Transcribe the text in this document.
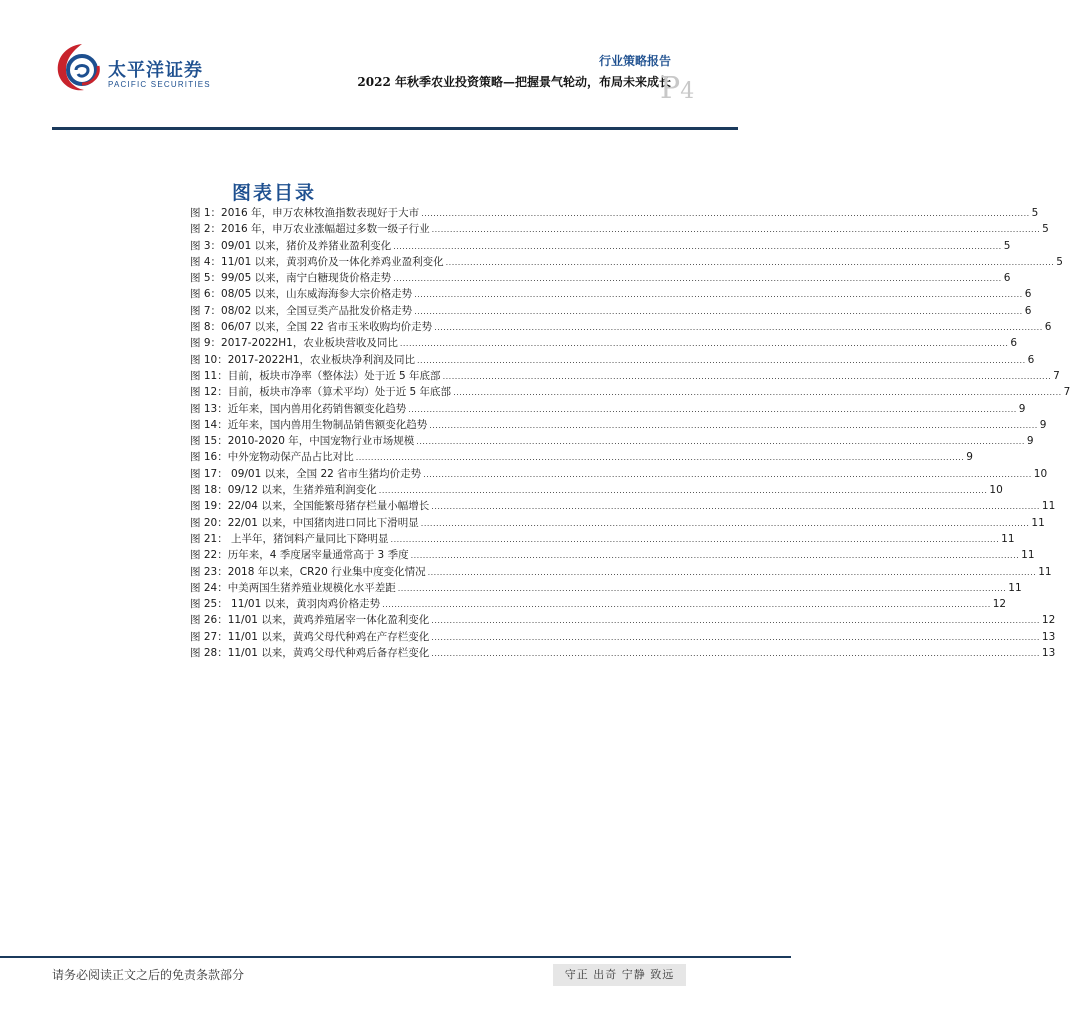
太平洋证券
PACIFIC SECURITIES
行业策略报告
2022 年秋季农业投资策略—把握景气轮动，布局未来成长
P4
图表目录
图 1：2016 年，申万农林牧渔指数表现好于大市 ........................................................................................................................................................................................................ 5
图 2：2016 年，申万农业涨幅超过多数一级子行业 ........................................................................................................................................................................................................ 5
图 3：09/01 以来，猪价及养猪业盈利变化 ........................................................................................................................................................................................................ 5
图 4：11/01 以来，黄羽鸡价及一体化养鸡业盈利变化 ........................................................................................................................................................................................................ 5
图 5：99/05 以来，南宁白糖现货价格走势 ........................................................................................................................................................................................................ 6
图 6：08/05 以来，山东威海海参大宗价格走势 ........................................................................................................................................................................................................ 6
图 7：08/02 以来，全国豆类产品批发价格走势 ........................................................................................................................................................................................................ 6
图 8：06/07 以来，全国 22 省市玉米收购均价走势 ........................................................................................................................................................................................................ 6
图 9：2017-2022H1，农业板块营收及同比 ........................................................................................................................................................................................................ 6
图 10：2017-2022H1，农业板块净利润及同比 ........................................................................................................................................................................................................ 6
图 11：目前，板块市净率（整体法）处于近 5 年底部 ........................................................................................................................................................................................................ 7
图 12：目前，板块市净率（算术平均）处于近 5 年底部 ........................................................................................................................................................................................................ 7
图 13：近年来，国内兽用化药销售额变化趋势 ........................................................................................................................................................................................................ 9
图 14：近年来，国内兽用生物制品销售额变化趋势 ........................................................................................................................................................................................................ 9
图 15：2010-2020 年，中国宠物行业市场规模 ........................................................................................................................................................................................................ 9
图 16：中外宠物动保产品占比对比 ........................................................................................................................................................................................................ 9
图 17： 09/01 以来，全国 22 省市生猪均价走势 ........................................................................................................................................................................................................ 10
图 18：09/12 以来，生猪养殖利润变化 ........................................................................................................................................................................................................ 10
图 19：22/04 以来，全国能繁母猪存栏量小幅增长 ........................................................................................................................................................................................................ 11
图 20：22/01 以来，中国猪肉进口同比下滑明显 ........................................................................................................................................................................................................ 11
图 21： 上半年，猪饲料产量同比下降明显 ........................................................................................................................................................................................................ 11
图 22：历年来，4 季度屠宰量通常高于 3 季度 ........................................................................................................................................................................................................ 11
图 23：2018 年以来，CR20 行业集中度变化情况 ........................................................................................................................................................................................................ 11
图 24：中美两国生猪养殖业规模化水平差距 ........................................................................................................................................................................................................ 11
图 25： 11/01 以来，黄羽肉鸡价格走势 ........................................................................................................................................................................................................ 12
图 26：11/01 以来，黄鸡养殖屠宰一体化盈利变化 ........................................................................................................................................................................................................ 12
图 27：11/01 以来，黄鸡父母代种鸡在产存栏变化 ........................................................................................................................................................................................................ 13
图 28：11/01 以来，黄鸡父母代种鸡后备存栏变化 ........................................................................................................................................................................................................ 13
请务必阅读正文之后的免责条款部分	守正 出奇 宁静 致远
